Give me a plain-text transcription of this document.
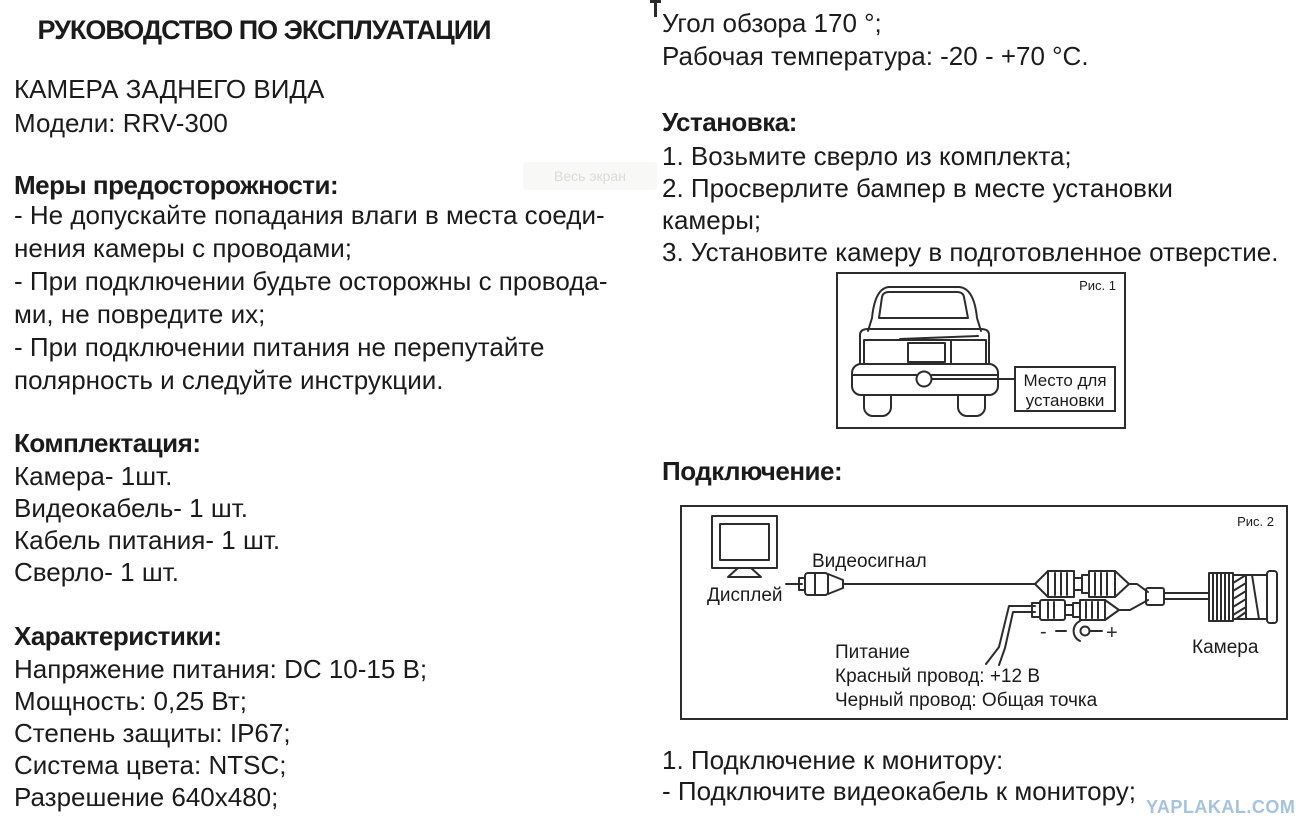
Весь экран
РУКОВОДСТВО ПО ЭКСПЛУАТАЦИИ
КАМЕРА ЗАДНЕГО ВИДА
Модели: RRV-300
Меры предосторожности:
- Не допускайте попадания влаги в места соеди-
нения камеры с проводами;
- При подключении будьте осторожны с провода-
ми, не повредите их;
- При подключении питания не перепутайте
полярность и следуйте инструкции.
Комплектация:
Камера- 1шт.
Видеокабель- 1 шт.
Кабель питания- 1 шт.
Сверло- 1 шт.
Характеристики:
Напряжение питания: DC 10-15 В;
Мощность: 0,25 Вт;
Степень защиты: IP67;
Система цвета: NTSC;
Разрешение 640x480;
Угол обзора 170 °;
Рабочая температура: -20 - +70 °C.
Установка:
1. Возьмите сверло из комплекта;
2. Просверлите бампер в месте установки
камеры;
3. Установите камеру в подготовленное отверстие.
Рис. 1
Место для
установки
Подключение:
Рис. 2
-	+
Дисплей
Видеосигнал
Питание
Красный провод: +12 В
Черный провод: Общая точка
Камера
1. Подключение к монитору:
- Подключите видеокабель к монитору;
YAPLAKAL.COM
